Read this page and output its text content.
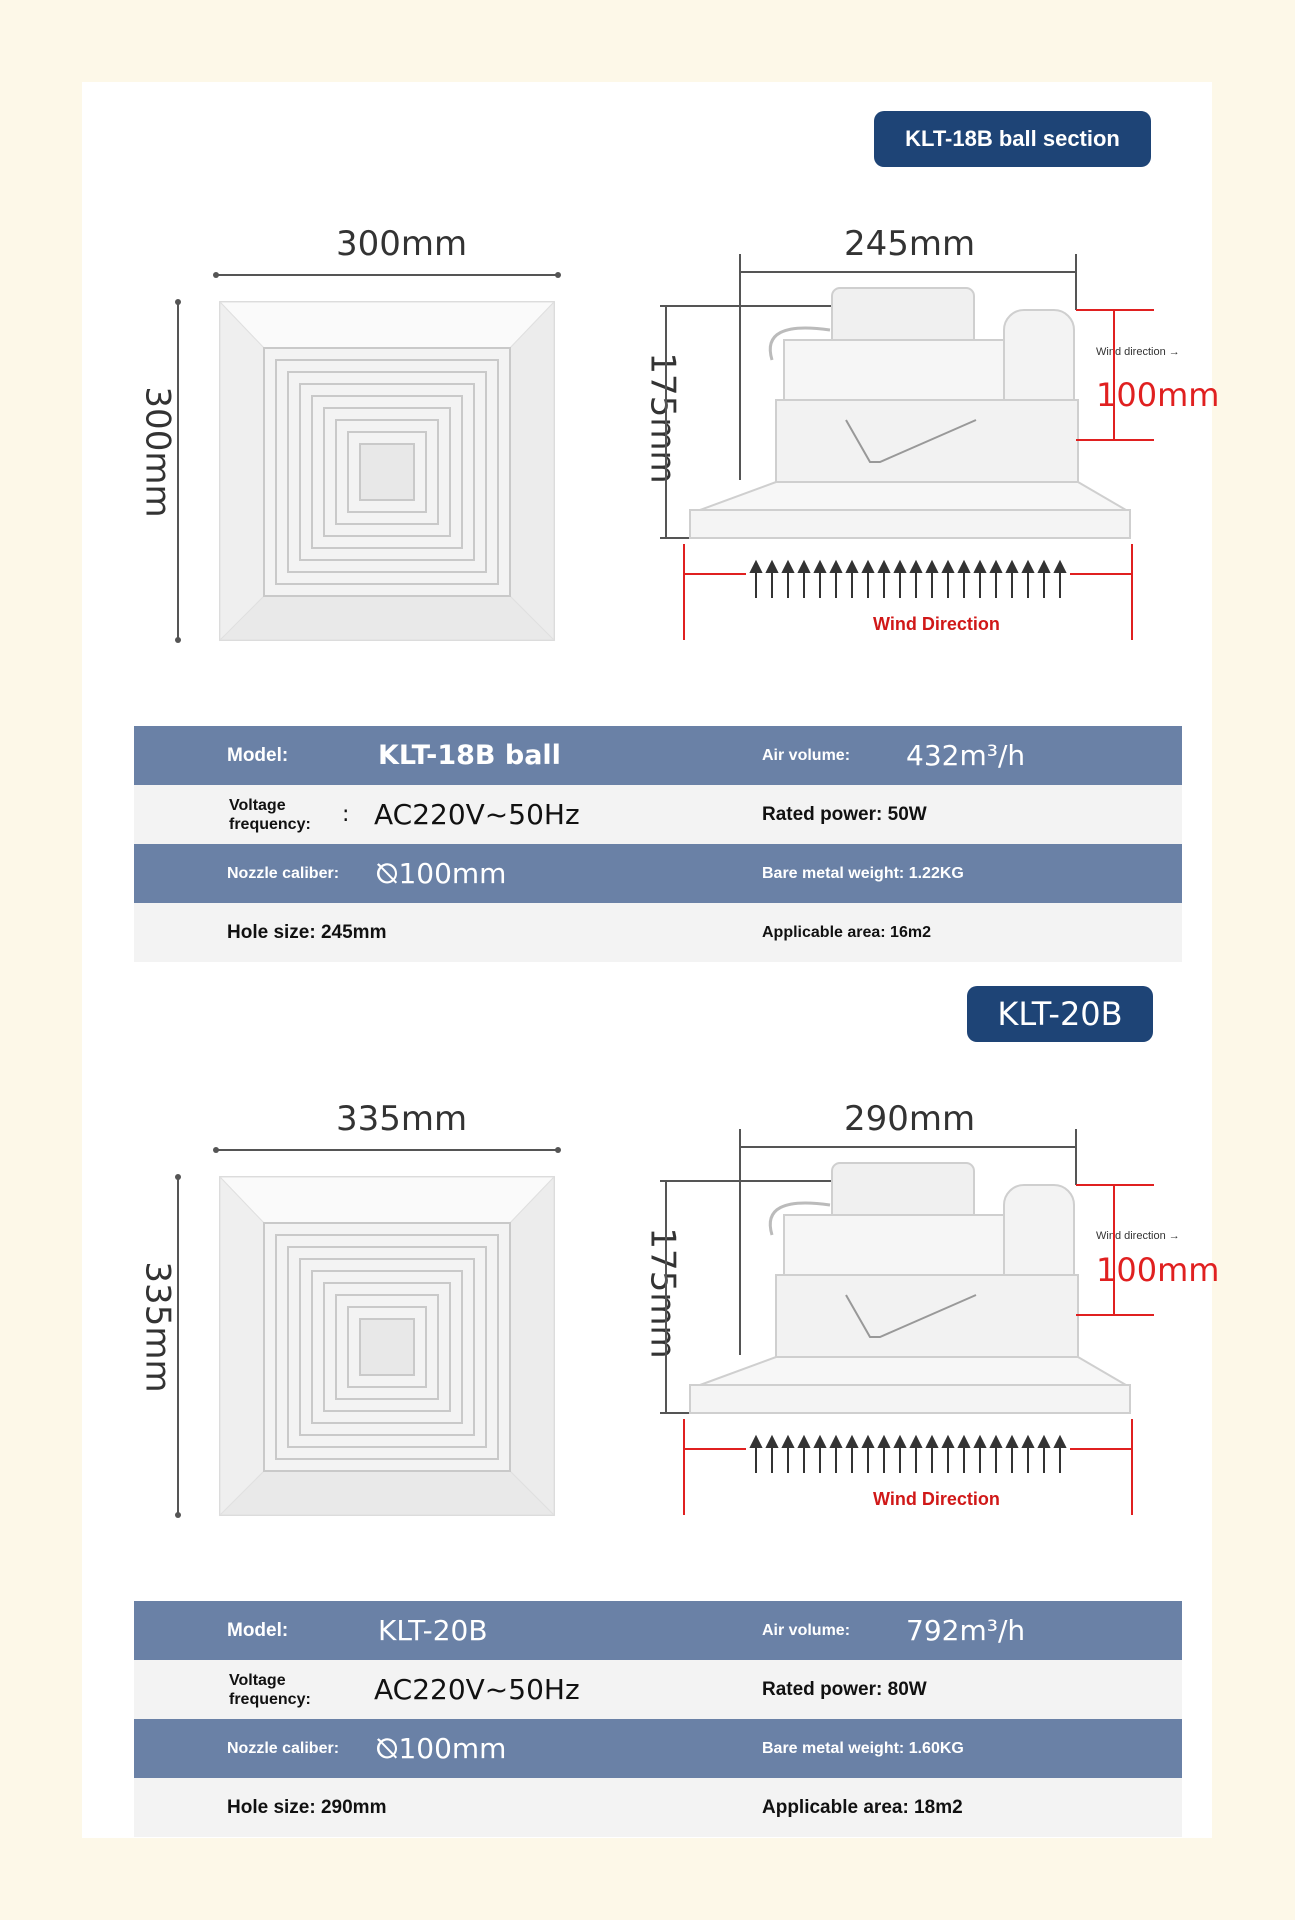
KLT-18B ball section
300mm
300mm
245mm
175mm
Wind direction →
100mm
Wind Direction
Model:	KLT-18B ball	Air volume: 432m³/h
Voltage
frequency: : AC220V~50Hz	Rated power: 50W
Nozzle caliber: ⦰100mm	Bare metal weight: 1.22KG
Hole size: 245mm	Applicable area: 16m2
KLT-20B
335mm
335mm
290mm
175mm	Wind direction →
100mm
Wind Direction
Model:	KLT-20B	Air volume: 792m³/h
Voltage
frequency: AC220V~50Hz	Rated power: 80W
Nozzle caliber: ⦰100mm	Bare metal weight: 1.60KG
Hole size: 290mm	Applicable area: 18m2
